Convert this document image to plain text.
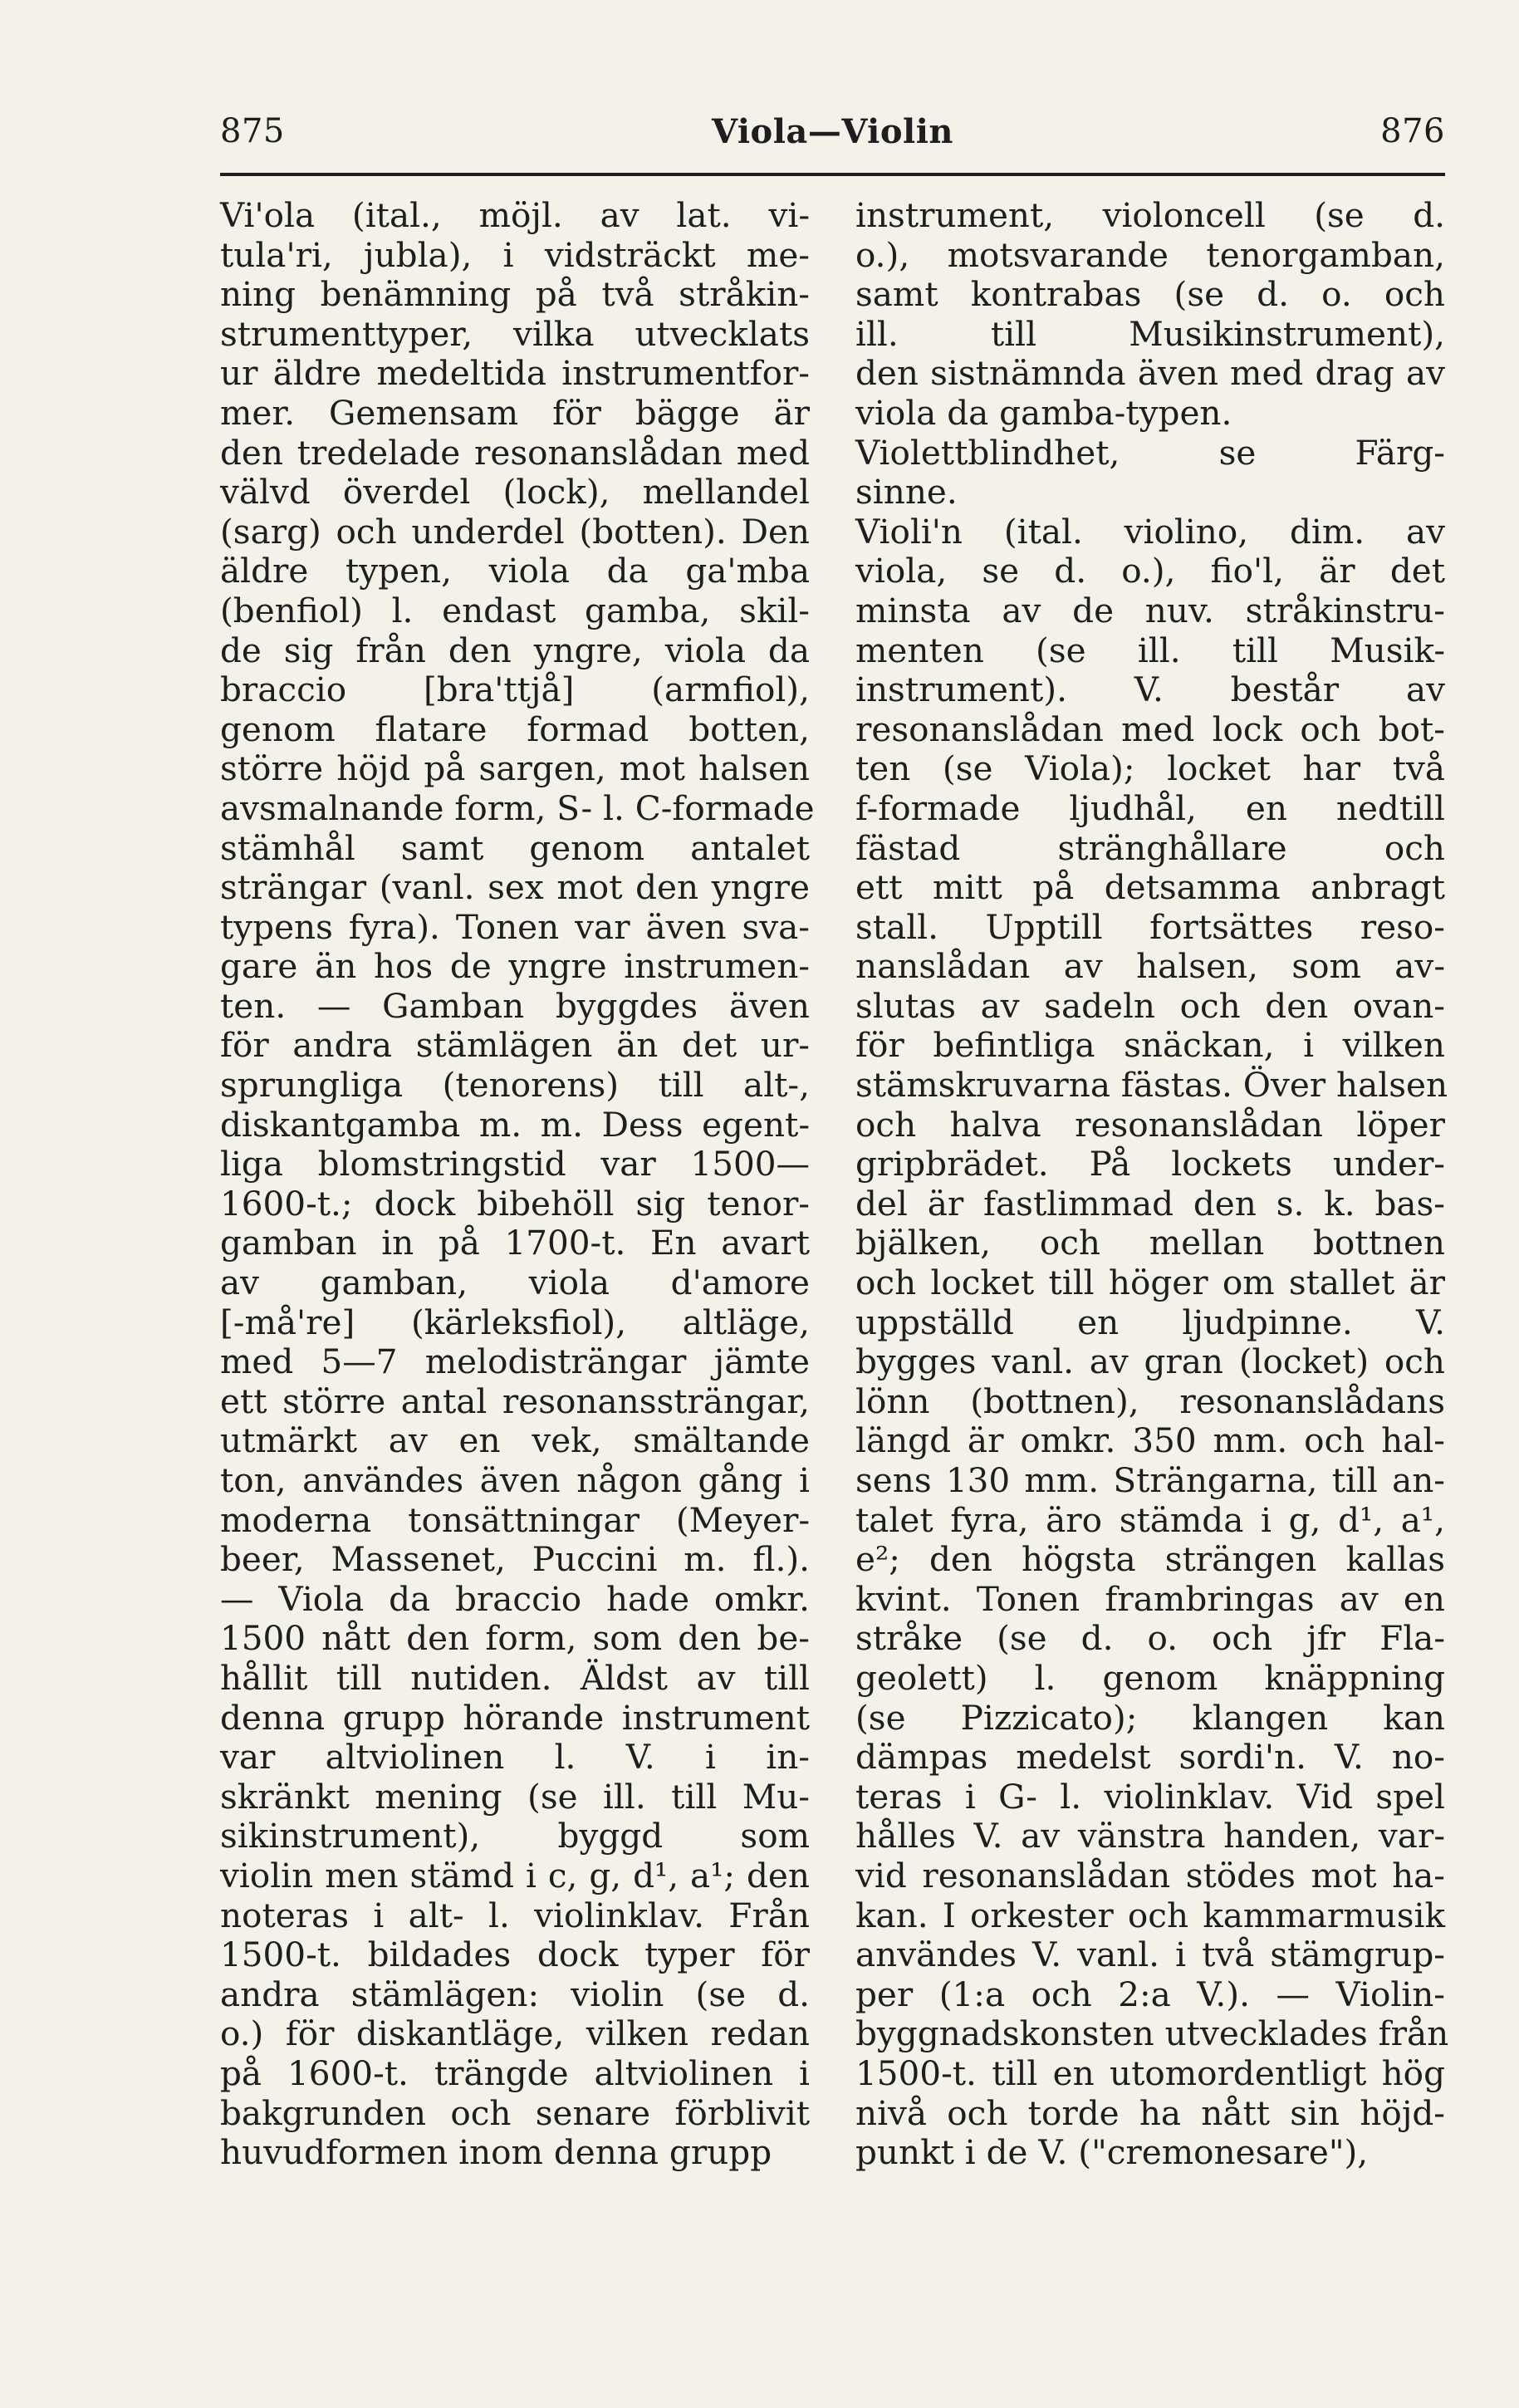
875	Viola—Violin	876
Vi'ola (ital., möjl. av lat. vi-
tula'ri, jubla), i vidsträckt me-
ning benämning på två stråkin-
strumenttyper, vilka utvecklats
ur äldre medeltida instrumentfor-
mer. Gemensam för bägge är
den tredelade resonanslådan med
välvd överdel (lock), mellandel
(sarg) och underdel (botten). Den
äldre typen, viola da ga'mba
(benfiol) l. endast gamba, skil-
de sig från den yngre, viola da
braccio [bra'ttjå] (armfiol),
genom flatare formad botten,
större höjd på sargen, mot halsen
avsmalnande form, S- l. C-formade
stämhål samt genom antalet
strängar (vanl. sex mot den yngre
typens fyra). Tonen var även sva-
gare än hos de yngre instrumen-
ten. — Gamban byggdes även
för andra stämlägen än det ur-
sprungliga (tenorens) till alt-,
diskantgamba m. m. Dess egent-
liga blomstringstid var 1500—
1600-t.; dock bibehöll sig tenor-
gamban in på 1700-t. En avart
av gamban, viola d'amore
[-må're] (kärleksfiol), altläge,
med 5—7 melodisträngar jämte
ett större antal resonanssträngar,
utmärkt av en vek, smältande
ton, användes även någon gång i
moderna tonsättningar (Meyer-
beer, Massenet, Puccini m. fl.).
— Viola da braccio hade omkr.
1500 nått den form, som den be-
hållit till nutiden. Äldst av till
denna grupp hörande instrument
var altviolinen l. V. i in-
skränkt mening (se ill. till Mu-
sikinstrument), byggd som
violin men stämd i c, g, d¹, a¹; den
noteras i alt- l. violinklav. Från
1500-t. bildades dock typer för
andra stämlägen: violin (se d.
o.) för diskantläge, vilken redan
på 1600-t. trängde altviolinen i
bakgrunden och senare förblivit
huvudformen inom denna grupp
instrument, violoncell (se d.
o.), motsvarande tenorgamban,
samt kontrabas (se d. o. och
ill. till Musikinstrument),
den sistnämnda även med drag av
viola da gamba-typen.
Violettblindhet, se Färg-
sinne.
Violi'n (ital. violino, dim. av
viola, se d. o.), fio'l, är det
minsta av de nuv. stråkinstru-
menten (se ill. till Musik-
instrument). V. består av
resonanslådan med lock och bot-
ten (se Viola); locket har två
f-formade ljudhål, en nedtill
fästad stränghållare och
ett mitt på detsamma anbragt
stall. Upptill fortsättes reso-
nanslådan av halsen, som av-
slutas av sadeln och den ovan-
för befintliga snäckan, i vilken
stämskruvarna fästas. Över halsen
och halva resonanslådan löper
gripbrädet. På lockets under-
del är fastlimmad den s. k. bas-
bjälken, och mellan bottnen
och locket till höger om stallet är
uppställd en ljudpinne. V.
bygges vanl. av gran (locket) och
lönn (bottnen), resonanslådans
längd är omkr. 350 mm. och hal-
sens 130 mm. Strängarna, till an-
talet fyra, äro stämda i g, d¹, a¹,
e²; den högsta strängen kallas
kvint. Tonen frambringas av en
stråke (se d. o. och jfr Fla-
geolett) l. genom knäppning
(se Pizzicato); klangen kan
dämpas medelst sordi'n. V. no-
teras i G- l. violinklav. Vid spel
hålles V. av vänstra handen, var-
vid resonanslådan stödes mot ha-
kan. I orkester och kammarmusik
användes V. vanl. i två stämgrup-
per (1:a och 2:a V.). — Violin-
byggnadskonsten utvecklades från
1500-t. till en utomordentligt hög
nivå och torde ha nått sin höjd-
punkt i de V. ("cremonesare"),
